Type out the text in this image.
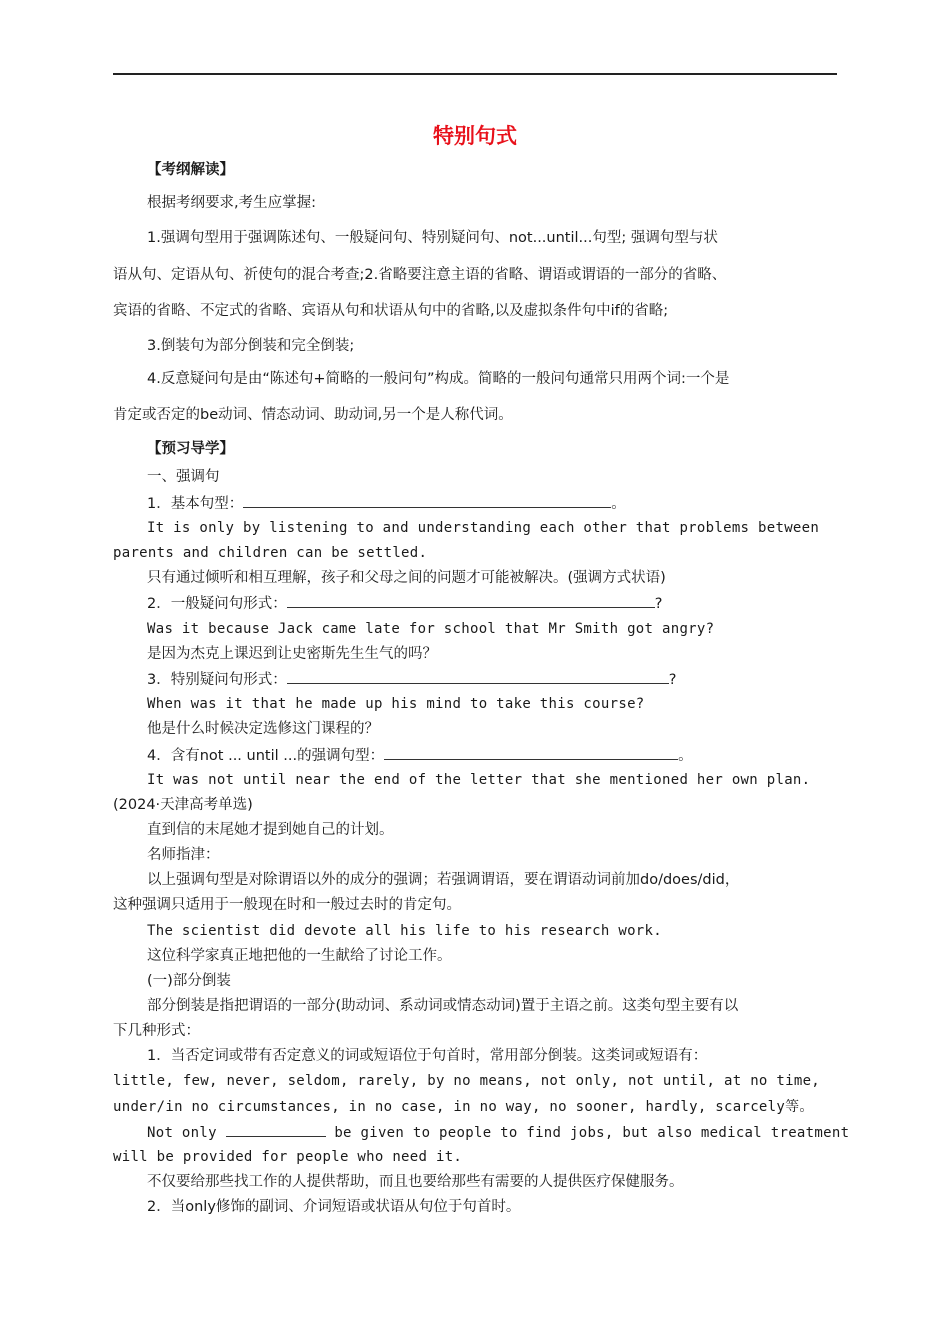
特别句式
【考纲解读】
根据考纲要求,考生应掌握:
1.强调句型用于强调陈述句、一般疑问句、特别疑问句、not...until...句型; 强调句型与状
语从句、定语从句、祈使句的混合考查;2.省略要注意主语的省略、谓语或谓语的一部分的省略、
宾语的省略、不定式的省略、宾语从句和状语从句中的省略,以及虚拟条件句中if的省略;
3.倒装句为部分倒装和完全倒装;
4.反意疑问句是由“陈述句+简略的一般问句”构成。简略的一般问句通常只用两个词:一个是
肯定或否定的be动词、情态动词、助动词,另一个是人称代词。
【预习导学】
一、强调句
1．基本句型：	。
It is only by listening to and understanding each other that problems between
parents and children can be settled.
只有通过倾听和相互理解，孩子和父母之间的问题才可能被解决。(强调方式状语)
2．一般疑问句形式：	?
Was it because Jack came late for school that Mr Smith got angry?
是因为杰克上课迟到让史密斯先生生气的吗？
3．特别疑问句形式：	?
When was it that he made up his mind to take this course?
他是什么时候决定选修这门课程的？
4．含有not ... until ...的强调句型：	。
It was not until near the end of the letter that she mentioned her own plan.
(2024·天津高考单选)
直到信的末尾她才提到她自己的计划。
名师指津：
以上强调句型是对除谓语以外的成分的强调；若强调谓语，要在谓语动词前加do/does/did，
这种强调只适用于一般现在时和一般过去时的肯定句。
The scientist did devote all his life to his research work.
这位科学家真正地把他的一生献给了讨论工作。
(一)部分倒装
部分倒装是指把谓语的一部分(助动词、系动词或情态动词)置于主语之前。这类句型主要有以
下几种形式：
1．当否定词或带有否定意义的词或短语位于句首时，常用部分倒装。这类词或短语有：
little, few, never, seldom, rarely, by no means, not only, not until, at no time,
under/in no circumstances, in no case, in no way, no sooner, hardly, scarcely等。
Not only	be given to people to find jobs, but also medical treatment
will be provided for people who need it.
不仅要给那些找工作的人提供帮助，而且也要给那些有需要的人提供医疗保健服务。
2．当only修饰的副词、介词短语或状语从句位于句首时。
